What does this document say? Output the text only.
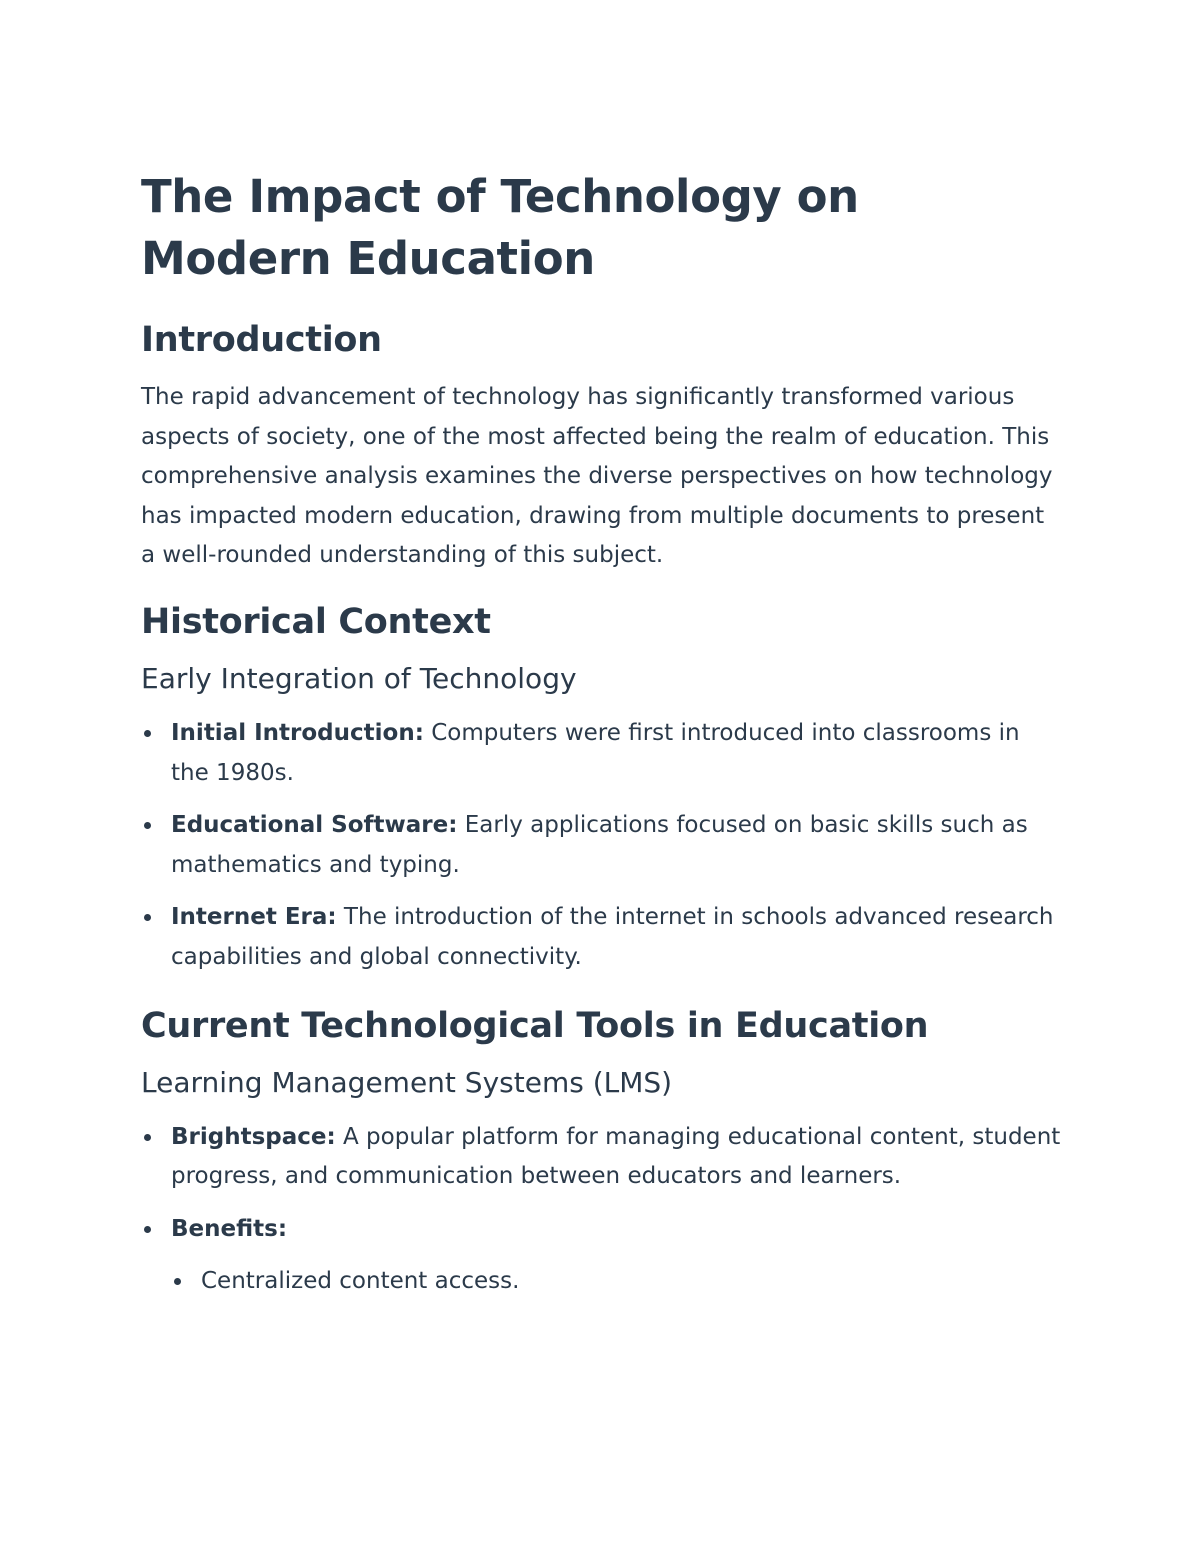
The Impact of Technology on Modern Education
Introduction

The rapid advancement of technology has significantly transformed various aspects of society, one of the most affected being the realm of education. This comprehensive analysis examines the diverse perspectives on how technology has impacted modern education, drawing from multiple documents to present a well-rounded understanding of this subject.

Historical Context
Early Integration of Technology
Initial Introduction: Computers were first introduced into classrooms in the 1980s.
Educational Software: Early applications focused on basic skills such as mathematics and typing.
Internet Era: The introduction of the internet in schools advanced research capabilities and global connectivity.
Current Technological Tools in Education
Learning Management Systems (LMS)
Brightspace: A popular platform for managing educational content, student progress, and communication between educators and learners.
Benefits:
Centralized content access.
